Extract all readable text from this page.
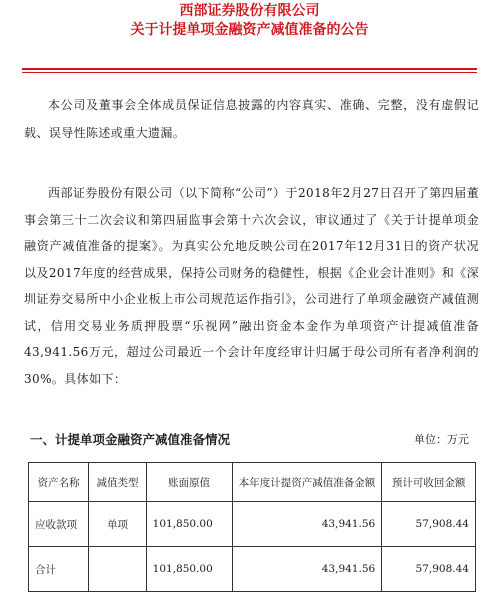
西部证券股份有限公司
关于计提单项金融资产减值准备的公告

本公司及董事会全体成员保证信息披露的内容真实、准确、完整，没有虚假记载、误导性陈述或重大遗漏。

西部证券股份有限公司（以下简称“公司”）于2018年2月27日召开了第四届董事会第三十二次会议和第四届监事会第十六次会议，审议通过了《关于计提单项金融资产减值准备的提案》。为真实公允地反映公司在2017年12月31日的资产状况以及2017年度的经营成果，保持公司财务的稳健性，根据《企业会计准则》和《深圳证券交易所中小企业板上市公司规范运作指引》，公司进行了单项金融资产减值测试，信用交易业务质押股票“乐视网”融出资金本金作为单项资产计提减值准备43,941.56万元，超过公司最近一个会计年度经审计归属于母公司所有者净利润的30%。具体如下：

一、计提单项金融资产减值准备情况	单位：万元
资产名称	减值类型	账面原值	本年度计提资产减值准备金额	预计可收回金额
应收款项	单项	101,850.00	43,941.56	57,908.44
合计		101,850.00	43,941.56	57,908.44
